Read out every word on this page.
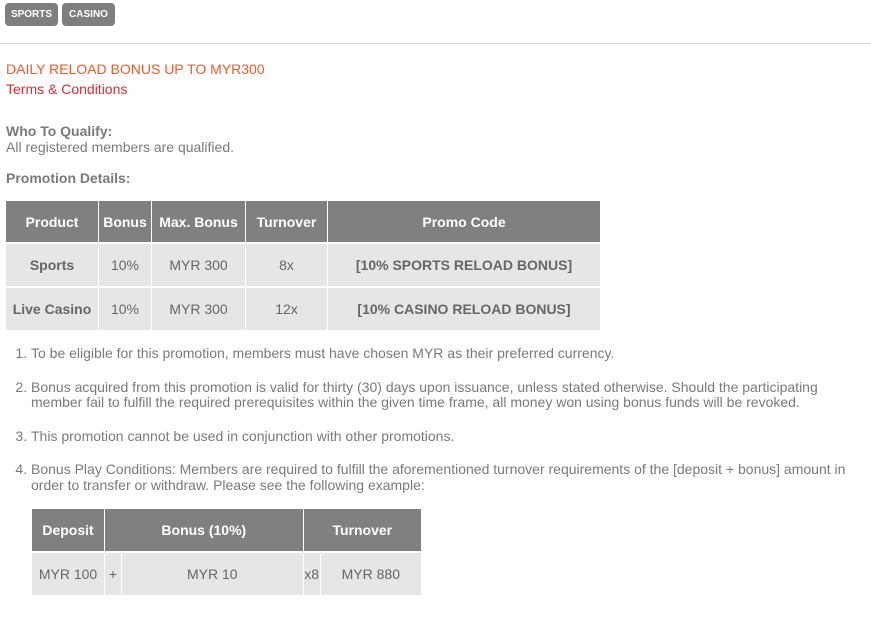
SPORTS	CASINO
DAILY RELOAD BONUS UP TO MYR300
Terms & Conditions
Who To Qualify:
All registered members are qualified.
Promotion Details:
Product	Bonus	Max. Bonus	Turnover	Promo Code
Sports	10%	MYR 300	8x	[10% SPORTS RELOAD BONUS]
Live Casino	10%	MYR 300	12x	[10% CASINO RELOAD BONUS]
1. To be eligible for this promotion, members must have chosen MYR as their preferred currency.
2. Bonus acquired from this promotion is valid for thirty (30) days upon issuance, unless stated otherwise. Should the participating member fail to fulfill the required prerequisites within the given time frame, all money won using bonus funds will be revoked.
3. This promotion cannot be used in conjunction with other promotions.
4. Bonus Play Conditions: Members are required to fulfill the aforementioned turnover requirements of the [deposit + bonus] amount in order to transfer or withdraw. Please see the following example:
Deposit	Bonus (10%)		Turnover	
MYR 100	+	MYR 10	x8	MYR 880
